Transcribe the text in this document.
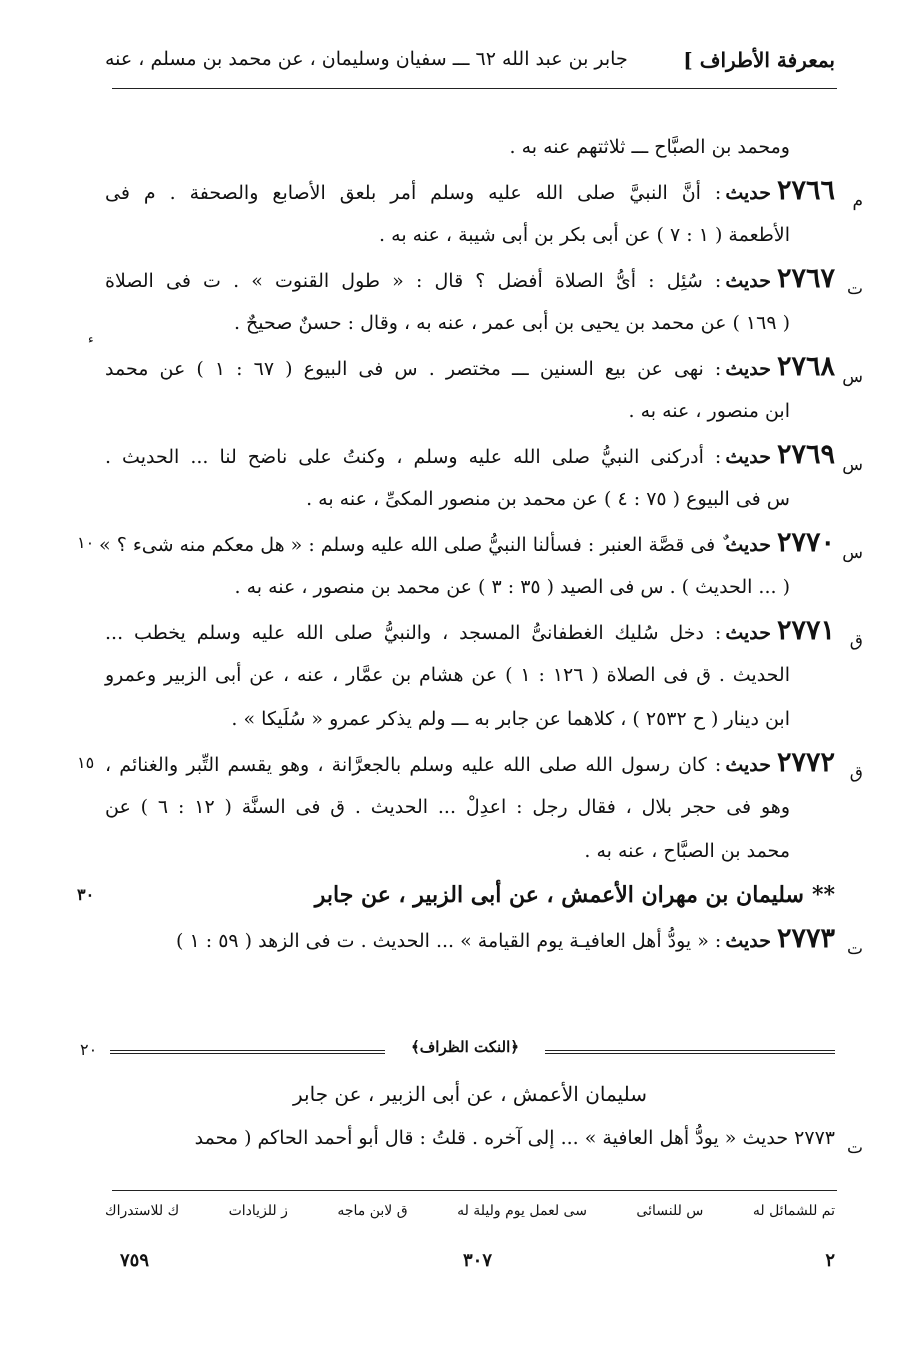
بمعرفة الأطراف ]
جابر بن عبد الله ٦٢ ـــ سفيان وسليمان ، عن محمد بن مسلم ، عنه
ء
ومحمد بن الصبَّاح ـــ ثلاثتهم عنه به .
٢٧٦٦حديث: أنَّ النبيَّ صلى الله عليه وسلم أمر بلعق الأصابع والصحفة . م فى	م
الأطعمة ( ١ : ٧ ) عن أبى بكر بن أبى شيبة ، عنه به .
٢٧٦٧حديث: سُئِل : أىُّ الصلاة أفضل ؟ قال : « طول القنوت » . ت فى الصلاة	ت
( ١٦٩ ) عن محمد بن يحيى بن أبى عمر ، عنه به ، وقال : حسنٌ صحيحٌ .
٢٧٦٨حديث: نهى عن بيع السنين ـــ مختصر . س فى البيوع ( ٦٧ : ١ ) عن محمد	س
ابن منصور ، عنه به .
٢٧٦٩حديث: أدركنى النبيُّ صلى الله عليه وسلم ، وكنتُ على ناضح لنا ... الحديث .	س
س فى البيوع ( ٧٥ : ٤ ) عن محمد بن منصور المكىِّ ، عنه به .
٢٧٧٠حديث فى قصَّة العنبر : فسألنا النبيُّ صلى الله عليه وسلم : « هل معكم منه شىء ؟ »	س
١٠
( ... الحديث ) . س فى الصيد ( ٣٥ : ٣ ) عن محمد بن منصور ، عنه به .
٢٧٧١حديث: دخل سُليك الغطفانىُّ المسجد ، والنبيُّ صلى الله عليه وسلم يخطب ...	ق
الحديث . ق فى الصلاة ( ١٢٦ : ١ ) عن هشام بن عمَّار ، عنه ، عن أبى الزبير وعمرو
ابن دينار ( ح ٢٥٣٢ ) ، كلاهما عن جابر به ـــ ولم يذكر عمرو « سُلَيكا » .
٢٧٧٢حديث: كان رسول الله صلى الله عليه وسلم بالجعرَّانة ، وهو يقسم التِّبر والغنائم ،	ق
١٥
وهو فى حجر بلال ، فقال رجل : اعدِلْ ... الحديث . ق فى السنَّة ( ١٢ : ٦ ) عن
محمد بن الصبَّاح ، عنه به .
٣٠	**سليمان بن مهران الأعمش ، عن أبى الزبير ، عن جابر
٢٧٧٣حديث: « يودُّ أهل العافيـة يوم القيامة » ... الحديث . ت فى الزهد ( ٥٩ : ١ )	ت
﴿النكت الظراف﴾
٢٠
سليمان الأعمش ، عن أبى الزبير ، عن جابر
٢٧٧٣ حديث « يودُّ أهل العافية » ... إلى آخره . قلتُ : قال أبو أحمد الحاكم ( محمد ت
تم للشمائل له
س للنسائى
سى لعمل يوم وليلة له
ق لابن ماجه
ز للزيادات
ك للاستدراك
٢
٣٠٧
٧٥٩
